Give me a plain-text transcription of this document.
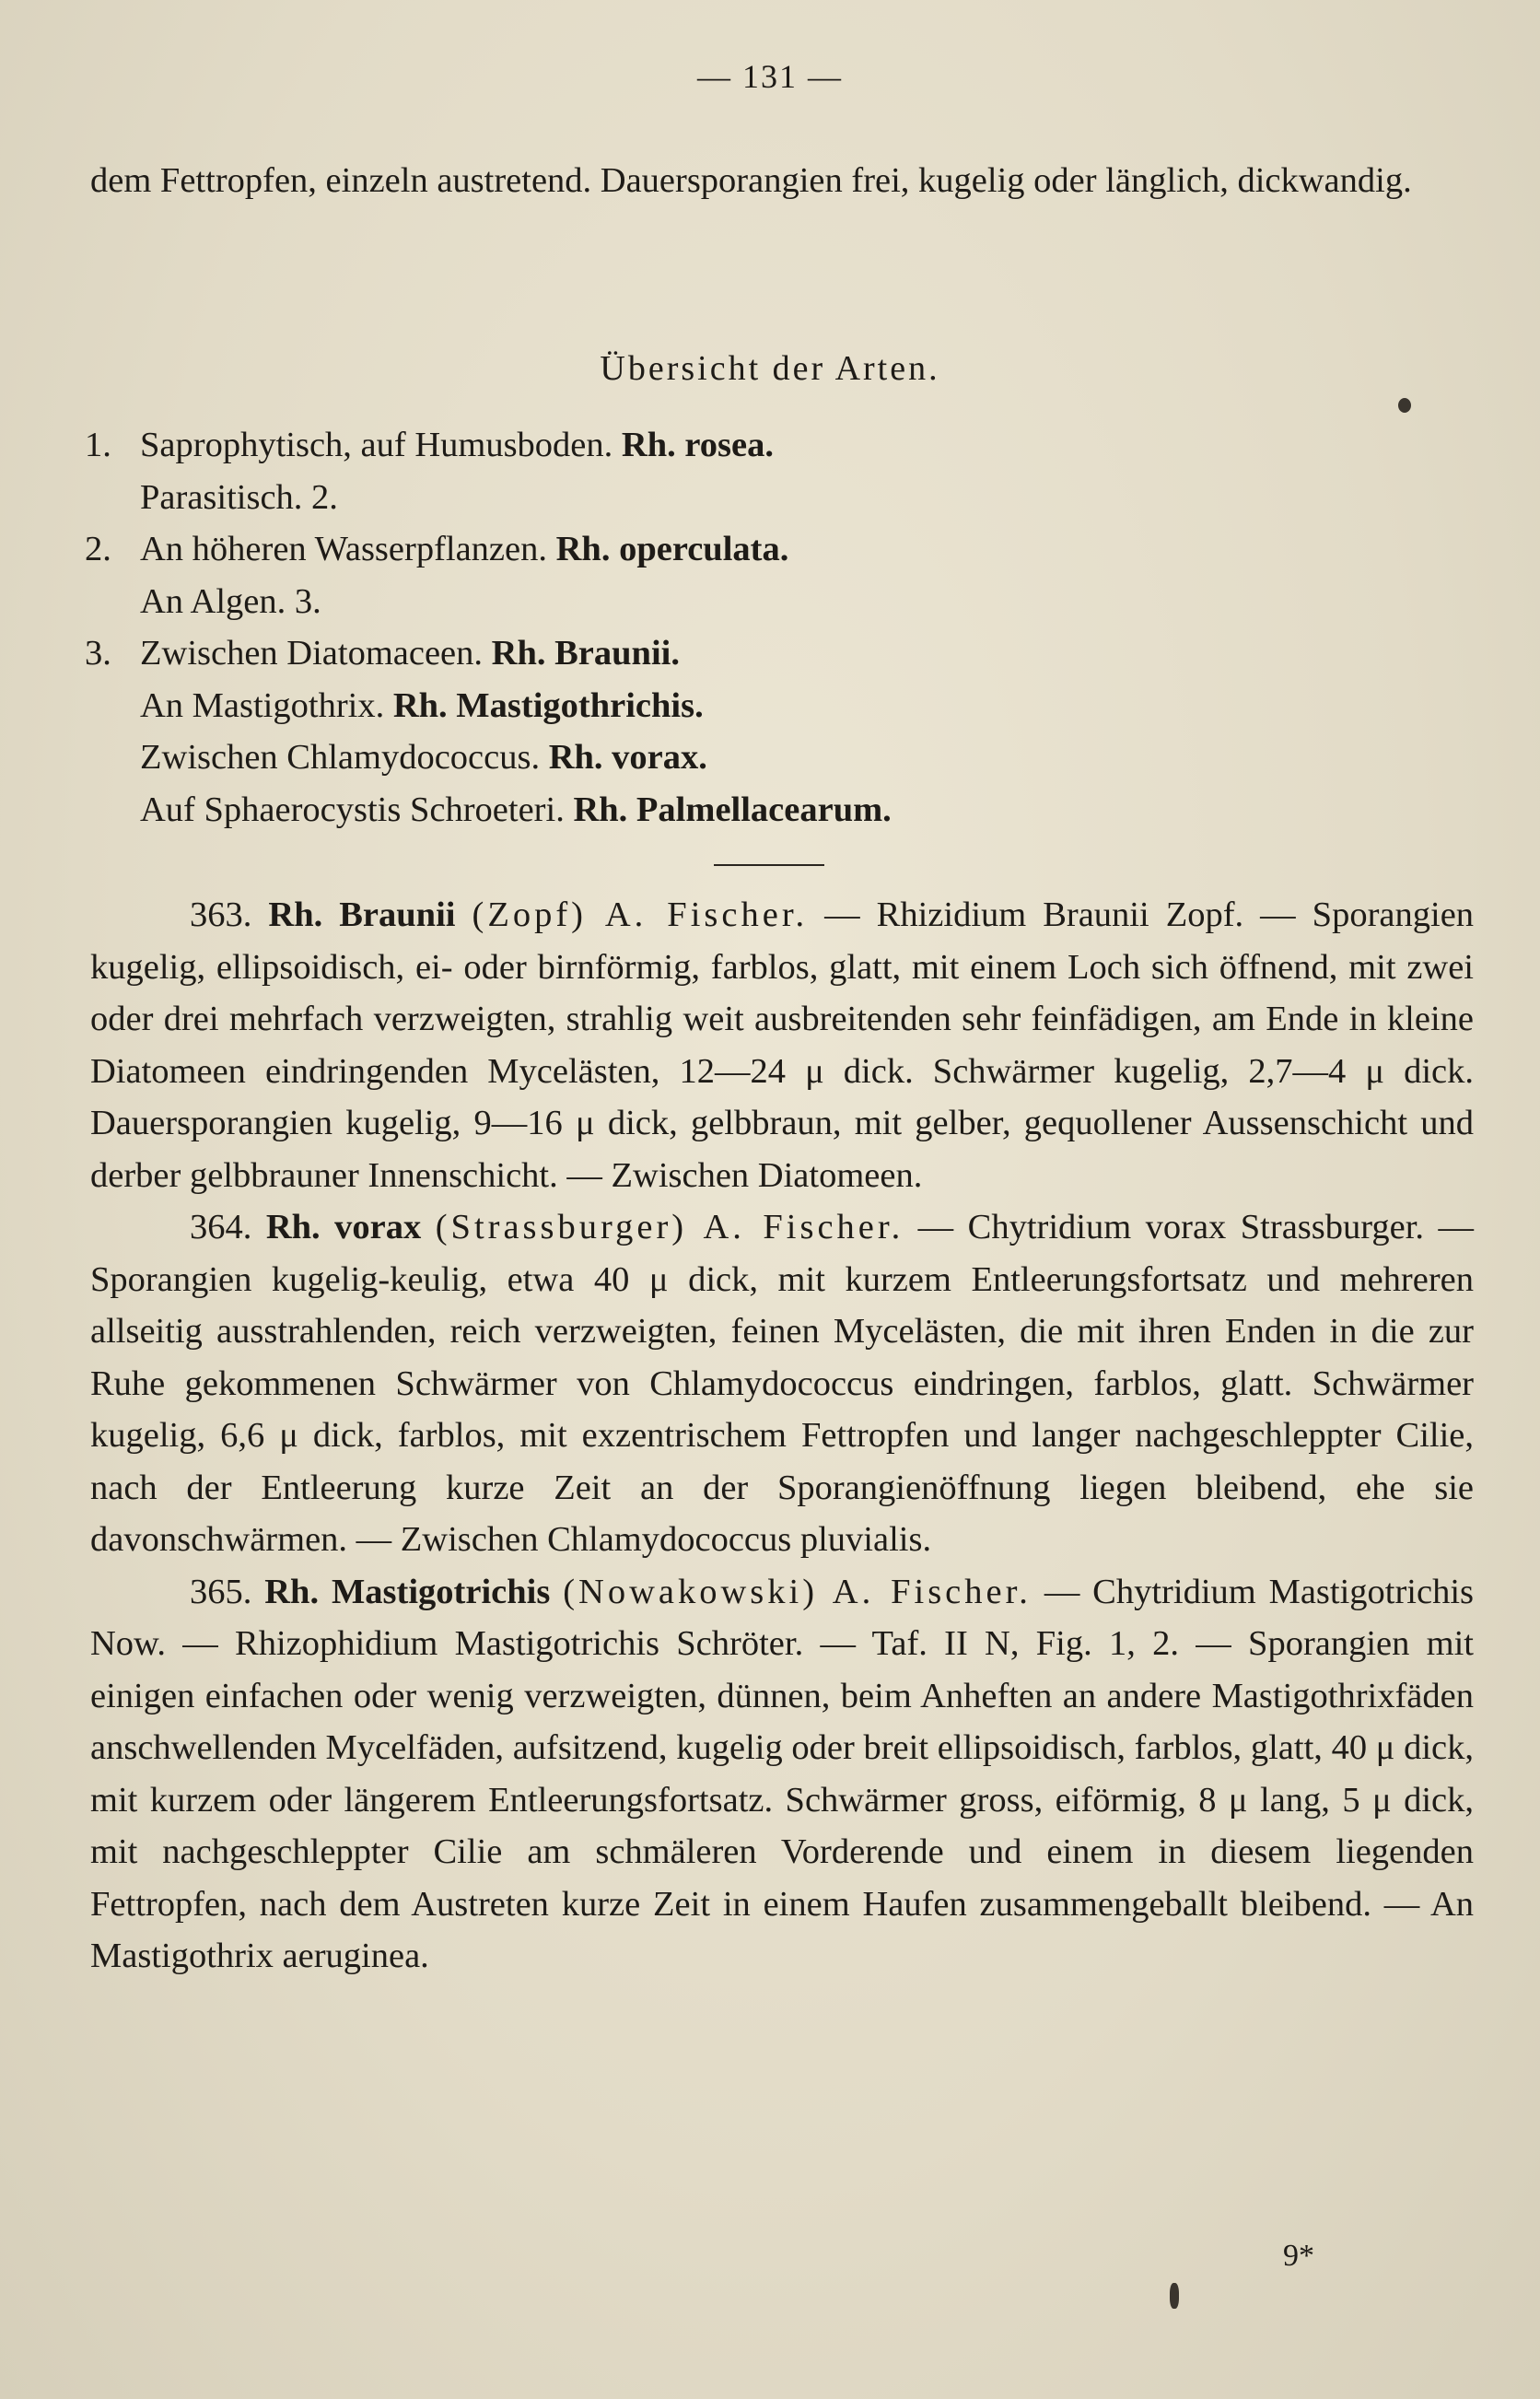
— 131 —

dem Fettropfen, einzeln austretend. Dauersporangien frei, kugelig oder länglich, dickwandig.

Übersicht der Arten.
1. Saprophytisch, auf Humusboden. Rh. rosea.
Parasitisch. 2.
2. An höheren Wasserpflanzen. Rh. operculata.
An Algen. 3.
3. Zwischen Diatomaceen. Rh. Braunii.
An Mastigothrix. Rh. Mastigothrichis.
Zwischen Chlamydococcus. Rh. vorax.
Auf Sphaerocystis Schroeteri. Rh. Palmellacearum.

363. Rh. Braunii (Zopf) A. Fischer. — Rhizidium Braunii Zopf. — Sporangien kugelig, ellipsoidisch, ei- oder birnförmig, farblos, glatt, mit einem Loch sich öffnend, mit zwei oder drei mehrfach verzweigten, strahlig weit ausbreitenden sehr feinfädigen, am Ende in kleine Diatomeen eindringenden Mycelästen, 12—24 μ dick. Schwärmer kugelig, 2,7—4 μ dick. Dauersporangien kugelig, 9—16 μ dick, gelbbraun, mit gelber, gequollener Aussenschicht und derber gelbbrauner Innenschicht. — Zwischen Diatomeen.

364. Rh. vorax (Strassburger) A. Fischer. — Chytridium vorax Strassburger. — Sporangien kugelig-keulig, etwa 40 μ dick, mit kurzem Entleerungsfortsatz und mehreren allseitig ausstrahlenden, reich verzweigten, feinen Mycelästen, die mit ihren Enden in die zur Ruhe gekommenen Schwärmer von Chlamydococcus eindringen, farblos, glatt. Schwärmer kugelig, 6,6 μ dick, farblos, mit exzentrischem Fettropfen und langer nachgeschleppter Cilie, nach der Entleerung kurze Zeit an der Sporangienöffnung liegen bleibend, ehe sie davonschwärmen. — Zwischen Chlamydococcus pluvialis.

365. Rh. Mastigotrichis (Nowakowski) A. Fischer. — Chytridium Mastigotrichis Now. — Rhizophidium Mastigotrichis Schröter. — Taf. II N, Fig. 1, 2. — Sporangien mit einigen einfachen oder wenig verzweigten, dünnen, beim Anheften an andere Mastigothrixfäden anschwellenden Mycelfäden, aufsitzend, kugelig oder breit ellipsoidisch, farblos, glatt, 40 μ dick, mit kurzem oder längerem Entleerungsfortsatz. Schwärmer gross, eiförmig, 8 μ lang, 5 μ dick, mit nachgeschleppter Cilie am schmäleren Vorderende und einem in diesem liegenden Fettropfen, nach dem Austreten kurze Zeit in einem Haufen zusammengeballt bleibend. — An Mastigothrix aeruginea.

9*
